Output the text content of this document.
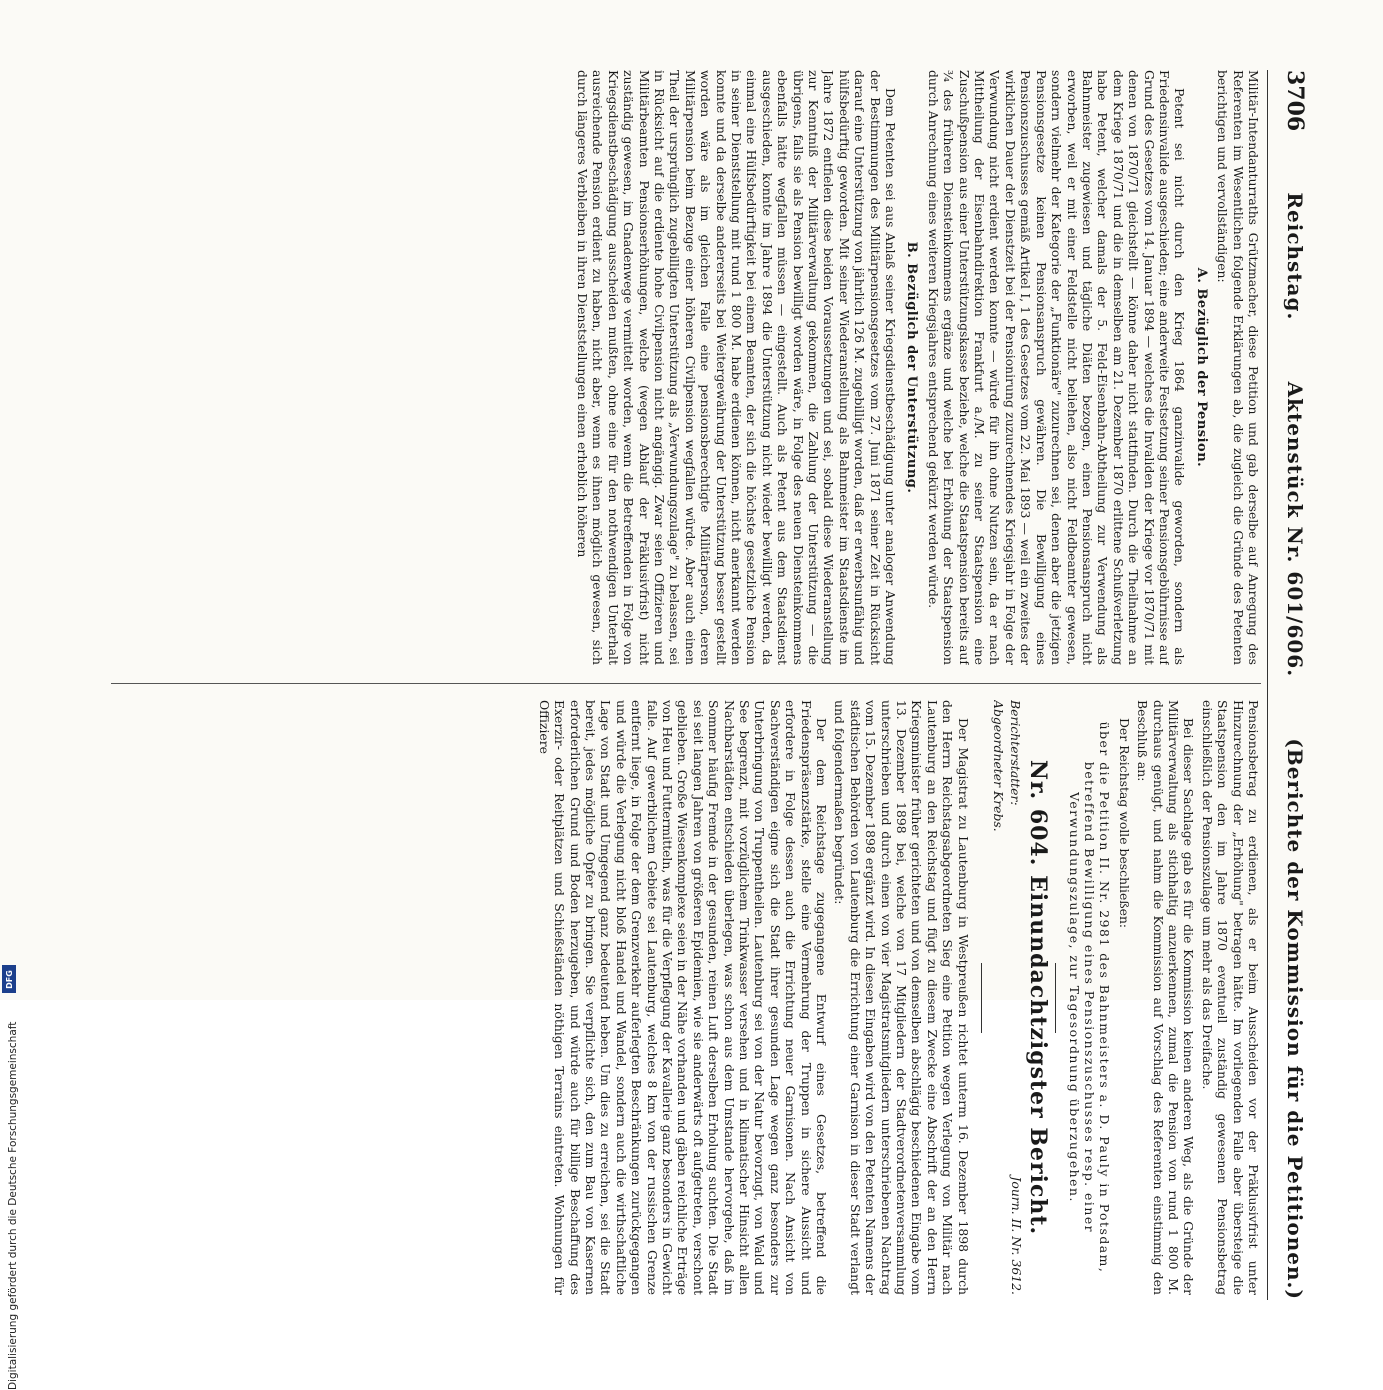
3706
Reichstag.
Aktenstück Nr. 601/606.
(Berichte der Kommission für die Petitionen.)

Militär-Intendanturraths Grützmacher, diese Petition und gab derselbe auf Anregung des Referenten im Wesentlichen folgende Erklärungen ab, die zugleich die Gründe des Petenten berichtigen und vervollständigen:

A. Bezüglich der Pension.

Petent sei nicht durch den Krieg 1864 ganzinvalide geworden, sondern als Friedensinvalide ausgeschieden; eine anderweite Festsetzung seiner Pensionsgebührnisse auf Grund des Gesetzes vom 14. Januar 1894 — welches die Invaliden der Kriege vor 1870/71 mit denen von 1870/71 gleichstellt — könne daher nicht stattfinden. Durch die Theilnahme an dem Kriege 1870/71 und die in demselben am 21. Dezember 1870 erlittene Schußverletzung habe Petent, welcher damals der 5. Feld-Eisenbahn-Abtheilung zur Verwendung als Bahnmeister zugewiesen und tägliche Diäten bezogen, einen Pensionsanspruch nicht erworben, weil er mit einer Feldstelle nicht beliehen, also nicht Feldbeamter gewesen, sondern vielmehr der Kategorie der „Funktionäre" zuzurechnen sei, denen aber die jetzigen Pensionsgesetze keinen Pensionsanspruch gewähren. Die Bewilligung eines Pensionszuschusses gemäß Artikel I, 1 des Gesetzes vom 22. Mai 1893 — weil ein zweites der wirklichen Dauer der Dienstzeit bei der Pensionirung zuzurechnendes Kriegsjahr in Folge der Verwundung nicht erdient werden konnte — würde für ihn ohne Nutzen sein, da er nach Mittheilung der Eisenbahndirektion Frankfurt a./M. zu seiner Staatspension eine Zuschußpension aus einer Unterstützungskasse beziehe, welche die Staatspension bereits auf ¾ des früheren Diensteinkommens ergänze und welche bei Erhöhung der Staatspension durch Anrechnung eines weiteren Kriegsjahres entsprechend gekürzt werden würde.

B. Bezüglich der Unterstützung.

Dem Petenten sei aus Anlaß seiner Kriegsdienstbeschädigung unter analoger Anwendung der Bestimmungen des Militärpensionsgesetzes vom 27. Juni 1871 seiner Zeit in Rücksicht darauf eine Unterstützung von jährlich 126 M. zugebilligt worden, daß er erwerbsunfähig und hülfsbedürftig geworden. Mit seiner Wiederanstellung als Bahnmeister im Staatsdienste im Jahre 1872 entfielen diese beiden Voraussetzungen und sei, sobald diese Wiederanstellung zur Kenntniß der Militärverwaltung gekommen, die Zahlung der Unterstützung — die übrigens, falls sie als Pension bewilligt worden wäre, in Folge des neuen Diensteinkommens ebenfalls hätte wegfallen müssen — eingestellt. Auch als Petent aus dem Staatsdienst ausgeschieden, konnte im Jahre 1894 die Unterstützung nicht wieder bewilligt werden, da einmal eine Hülfsbedürftigkeit bei einem Beamten, der sich die höchste gesetzliche Pension in seiner Dienststellung mit rund 1 800 M. habe erdienen können, nicht anerkannt werden konnte und da derselbe andererseits bei Weitergewährung der Unterstützung besser gestellt worden wäre als im gleichen Falle eine pensionsberechtigte Militärperson, deren Militärpension beim Bezuge einer höheren Civilpension wegfallen würde. Aber auch einen Theil der ursprünglich zugebilligten Unterstützung als „Verwundungszulage" zu belassen, sei in Rücksicht auf die erdiente hohe Civilpension nicht angängig. Zwar seien Offizieren und Militärbeamten Pensionserhöhungen, welche (wegen Ablauf der Präklusivfrist) nicht zuständig gewesen, im Gnadenwege vermittelt worden, wenn die Betreffenden in Folge von Kriegsdienstbeschädigung ausscheiden mußten, ohne eine für den nothwendigen Unterhalt ausreichende Pension erdient zu haben, nicht aber, wenn es ihnen möglich gewesen, sich durch längeres Verbleiben in ihren Dienststellungen einen erheblich höheren

Pensionsbetrag zu erdienen, als er beim Ausscheiden vor der Präklusivfrist unter Hinzurechnung der „Erhöhung" betragen hätte. Im vorliegenden Falle aber übersteige die Staatspension den im Jahre 1870 eventuell zuständig gewesenen Pensionsbetrag einschließlich der Pensionszulage um mehr als das Dreifache.

Bei dieser Sachlage gab es für die Kommission keinen anderen Weg, als die Gründe der Militärverwaltung als stichhaltig anzuerkennen, zumal die Pension von rund 1 800 M. durchaus genügt, und nahm die Kommission auf Vorschlag des Referenten einstimmig den Beschluß an:

Der Reichstag wolle beschließen:

über die Petition II. Nr. 2981 des Bahnmeisters a. D. Pauly in Potsdam, betreffend Bewilligung eines Pensionszuschusses resp. einer Verwundungszulage, zur Tagesordnung überzugehen.
Nr. 604. Einundachtzigster Bericht.
Berichterstatter:
Abgeordneter Krebs.
Journ. II. Nr. 3612.

Der Magistrat zu Lautenburg in Westpreußen richtet unterm 16. Dezember 1898 durch den Herrn Reichstagsabgeordneten Sieg eine Petition wegen Verlegung von Militär nach Lautenburg an den Reichstag und fügt zu diesem Zwecke eine Abschrift der an den Herrn Kriegsminister früher gerichteten und von demselben abschlägig beschiedenen Eingabe vom 13. Dezember 1898 bei, welche von 17 Mitgliedern der Stadtverordnetenversammlung unterschrieben und durch einen von vier Magistratsmitgliedern unterschriebenen Nachtrag vom 15. Dezember 1898 ergänzt wird. In diesen Eingaben wird von den Petenten Namens der städtischen Behörden von Lautenburg die Errichtung einer Garnison in dieser Stadt verlangt und folgendermaßen begründet:

Der dem Reichstage zugegangene Entwurf eines Gesetzes, betreffend die Friedenspräsenzstärke, stelle eine Vermehrung der Truppen in sichere Aussicht und erfordere in Folge dessen auch die Errichtung neuer Garnisonen. Nach Ansicht von Sachverständigen eigne sich die Stadt ihrer gesunden Lage wegen ganz besonders zur Unterbringung von Truppentheilen. Lautenburg sei von der Natur bevorzugt, von Wald und See begrenzt, mit vorzüglichem Trinkwasser versehen und in klimatischer Hinsicht allen Nachbarstädten entschieden überlegen, was schon aus dem Umstande hervorgehe, daß im Sommer häufig Fremde in der gesunden, reinen Luft derselben Erholung suchten. Die Stadt sei seit langen Jahren von größeren Epidemien, wie sie anderwärts oft aufgetreten, verschont geblieben. Große Wiesenkomplexe seien in der Nähe vorhanden und gäben reichliche Erträge von Heu und Futtermitteln, was für die Verpflegung der Kavallerie ganz besonders in Gewicht falle. Auf gewerblichem Gebiete sei Lautenburg, welches 8 km von der russischen Grenze entfernt liege, in Folge der dem Grenzverkehr auferlegten Beschränkungen zurückgegangen und würde die Verlegung nicht bloß Handel und Wandel, sondern auch die wirthschaftliche Lage von Stadt und Umgegend ganz bedeutend heben. Um dies zu erreichen, sei die Stadt bereit, jedes mögliche Opfer zu bringen. Sie verpflichte sich, den zum Bau von Kasernen erforderlichen Grund und Boden herzugeben, und würde auch für billige Beschaffung des Exerzir- oder Reitplätzen und Schießständen nöthigen Terrains eintreten. Wohnungen für Offiziere

Digitalisierung gefördert durch die Deutsche Forschungsgemeinschaft
DFG
